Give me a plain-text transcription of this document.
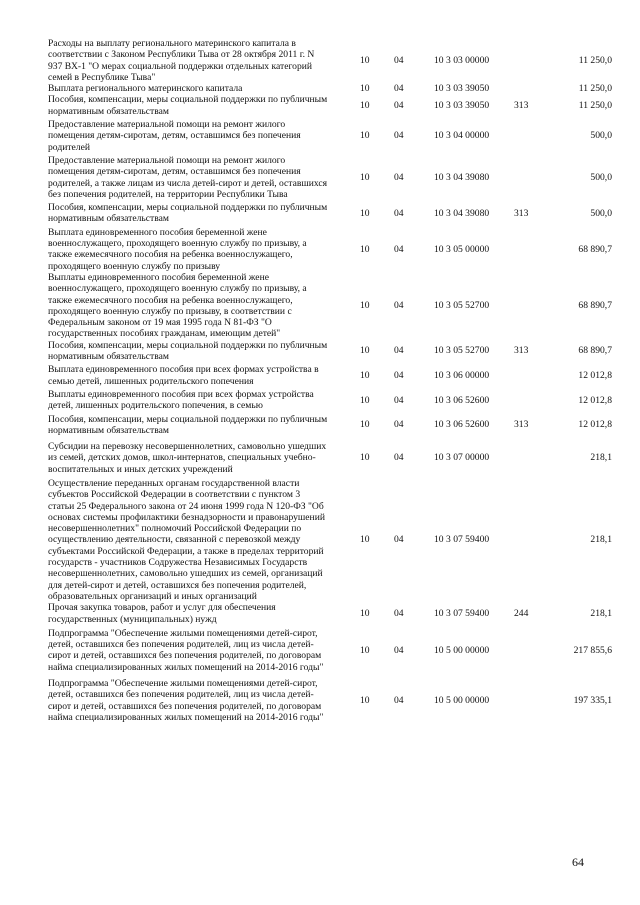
Расходы на выплату регионального материнского капитала в
соответствии с Законом Республики Тыва от 28 октября 2011 г. N
937 ВХ-1 "О мерах социальной поддержки отдельных категорий
семей в Республике Тыва"
10	04	10 3 03 00000	11 250,0
Выплата регионального материнского капитала	10	04	10 3 03 39050	11 250,0
Пособия, компенсации, меры социальной поддержки по публичным
нормативным обязательствам
10	04	10 3 03 39050	313	11 250,0
Предоставление материальной помощи на ремонт жилого
помещения детям-сиротам, детям, оставшимся без попечения
родителей
10	04	10 3 04 00000	500,0
Предоставление материальной помощи на ремонт жилого
помещения детям-сиротам, детям, оставшимся без попечения
родителей, а также лицам из числа детей-сирот и детей, оставшихся
без попечения родителей, на территории Республики Тыва
10	04	10 3 04 39080	500,0
Пособия, компенсации, меры социальной поддержки по публичным
нормативным обязательствам
10	04	10 3 04 39080	313	500,0
Выплата единовременного пособия беременной жене
военнослужащего, проходящего военную службу по призыву, а
также ежемесячного пособия на ребенка военнослужащего,
проходящего военную службу по призыву
10	04	10 3 05 00000	68 890,7
Выплаты единовременного пособия беременной жене
военнослужащего, проходящего военную службу по призыву, а
также ежемесячного пособия на ребенка военнослужащего,
проходящего военную службу по призыву, в соответствии с
Федеральным законом от 19 мая 1995 года N 81-ФЗ "О
государственных пособиях гражданам, имеющим детей"
10	04	10 3 05 52700	68 890,7
Пособия, компенсации, меры социальной поддержки по публичным
нормативным обязательствам
10	04	10 3 05 52700	313	68 890,7
Выплата единовременного пособия при всех формах устройства в
семью детей, лишенных родительского попечения
10	04	10 3 06 00000	12 012,8
Выплаты единовременного пособия при всех формах устройства
детей, лишенных родительского попечения, в семью
10	04	10 3 06 52600	12 012,8
Пособия, компенсации, меры социальной поддержки по публичным
нормативным обязательствам
10	04	10 3 06 52600	313	12 012,8
Субсидии на перевозку несовершеннолетних, самовольно ушедших
из семей, детских домов, школ-интернатов, специальных учебно-
воспитательных и иных детских учреждений
10	04	10 3 07 00000	218,1
Осуществление переданных органам государственной власти
субъектов Российской Федерации в соответствии с пунктом 3
статьи 25 Федерального закона от 24 июня 1999 года N 120-ФЗ "Об
основах системы профилактики безнадзорности и правонарушений
несовершеннолетних" полномочий Российской Федерации по
осуществлению деятельности, связанной с перевозкой между
субъектами Российской Федерации, а также в пределах территорий
государств - участников Содружества Независимых Государств
несовершеннолетних, самовольно ушедших из семей, организаций
для детей-сирот и детей, оставшихся без попечения родителей,
образовательных организаций и иных организаций
10	04	10 3 07 59400	218,1
Прочая закупка товаров, работ и услуг для обеспечения
государственных (муниципальных) нужд
10	04	10 3 07 59400	244	218,1
Подпрограмма "Обеспечение жилыми помещениями детей-сирот,
детей, оставшихся без попечения родителей, лиц из числа детей-
сирот и детей, оставшихся без попечения родителей, по договорам
найма специализированных жилых помещений на 2014-2016 годы"
10	04	10 5 00 00000	217 855,6
Подпрограмма "Обеспечение жилыми помещениями детей-сирот,
детей, оставшихся без попечения родителей, лиц из числа детей-
сирот и детей, оставшихся без попечения родителей, по договорам
найма специализированных жилых помещений на 2014-2016 годы"
10	04	10 5 00 00000	197 335,1
64
